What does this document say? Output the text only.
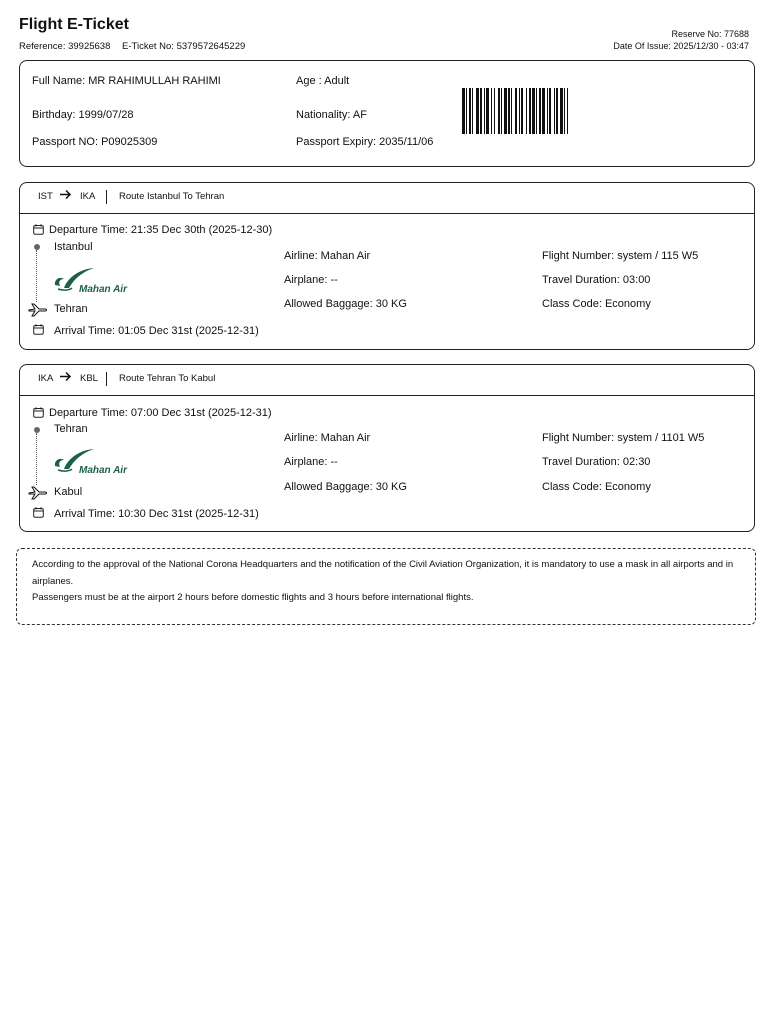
Flight E-Ticket
Reference: 39925638 E-Ticket No: 5379572645229
Reserve No: 77688
Date Of Issue: 2025/12/30 - 03:47
Full Name: MR RAHIMULLAH RAHIMI	Age : Adult
Birthday: 1999/07/28	Nationality: AF
Passport NO: P09025309	Passport Expiry: 2035/11/06
IST	IKA Route Istanbul To Tehran
Departure Time: 21:35 Dec 30th (2025-12-30)
Istanbul
Mahan Air
Tehran
Arrival Time: 01:05 Dec 31st (2025-12-31)
Airline: Mahan Air
Airplane: --
Allowed Baggage: 30 KG
Flight Number: system / 115 W5
Travel Duration: 03:00
Class Code: Economy
IKA	KBL Route Tehran To Kabul
Departure Time: 07:00 Dec 31st (2025-12-31)
Tehran
Mahan Air
Kabul
Arrival Time: 10:30 Dec 31st (2025-12-31)
Airline: Mahan Air
Airplane: --
Allowed Baggage: 30 KG
Flight Number: system / 1101 W5
Travel Duration: 02:30
Class Code: Economy
According to the approval of the National Corona Headquarters and the notification of the Civil Aviation Organization, it is mandatory to use a mask in all airports and in airplanes.
Passengers must be at the airport 2 hours before domestic flights and 3 hours before international flights.
